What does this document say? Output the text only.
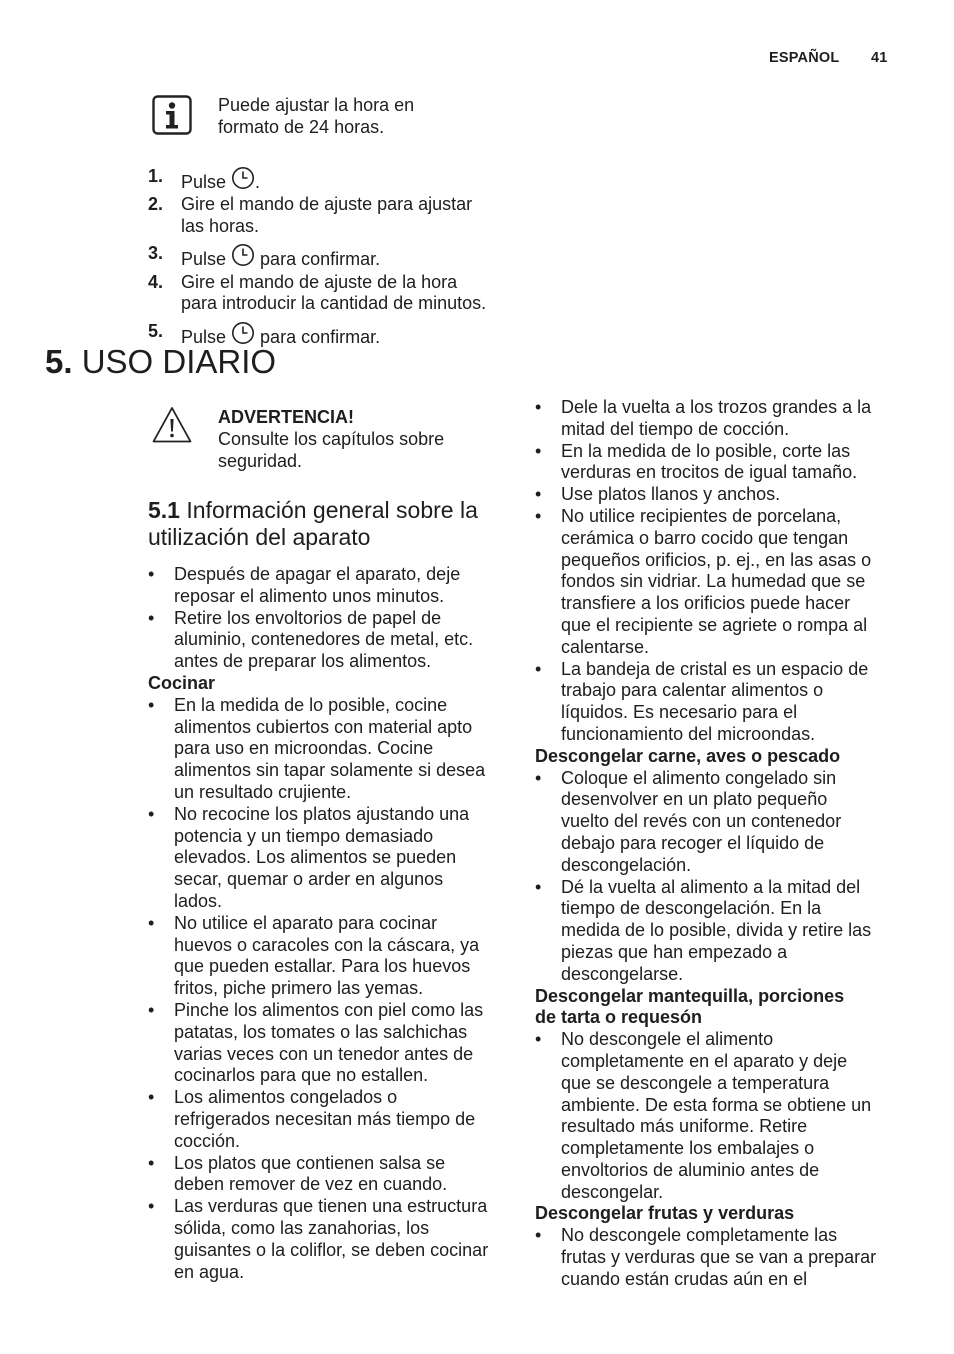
ESPAÑOL 41
Puede ajustar la hora en
formato de 24 horas.
1. Pulse .
2. Gire el mando de ajuste para ajustar
las horas.
3. Pulse  para confirmar.
4. Gire el mando de ajuste de la hora
para introducir la cantidad de minutos.
5. Pulse  para confirmar.
5. USO DIARIO
ADVERTENCIA!
Consulte los capítulos sobre
seguridad.
5.1 Información general sobre la
utilización del aparato
• Después de apagar el aparato, deje
reposar el alimento unos minutos.
• Retire los envoltorios de papel de
aluminio, contenedores de metal, etc.
antes de preparar los alimentos.
Cocinar
• En la medida de lo posible, cocine
alimentos cubiertos con material apto
para uso en microondas. Cocine
alimentos sin tapar solamente si desea
un resultado crujiente.
• No recocine los platos ajustando una
potencia y un tiempo demasiado
elevados. Los alimentos se pueden
secar, quemar o arder en algunos
lados.
• No utilice el aparato para cocinar
huevos o caracoles con la cáscara, ya
que pueden estallar. Para los huevos
fritos, piche primero las yemas.
• Pinche los alimentos con piel como las
patatas, los tomates o las salchichas
varias veces con un tenedor antes de
cocinarlos para que no estallen.
• Los alimentos congelados o
refrigerados necesitan más tiempo de
cocción.
• Los platos que contienen salsa se
deben remover de vez en cuando.
• Las verduras que tienen una estructura
sólida, como las zanahorias, los
guisantes o la coliflor, se deben cocinar
en agua.
• Dele la vuelta a los trozos grandes a la
mitad del tiempo de cocción.
• En la medida de lo posible, corte las
verduras en trocitos de igual tamaño.
• Use platos llanos y anchos.
• No utilice recipientes de porcelana,
cerámica o barro cocido que tengan
pequeños orificios, p. ej., en las asas o
fondos sin vidriar. La humedad que se
transfiere a los orificios puede hacer
que el recipiente se agriete o rompa al
calentarse.
• La bandeja de cristal es un espacio de
trabajo para calentar alimentos o
líquidos. Es necesario para el
funcionamiento del microondas.
Descongelar carne, aves o pescado
• Coloque el alimento congelado sin
desenvolver en un plato pequeño
vuelto del revés con un contenedor
debajo para recoger el líquido de
descongelación.
• Dé la vuelta al alimento a la mitad del
tiempo de descongelación. En la
medida de lo posible, divida y retire las
piezas que han empezado a
descongelarse.
Descongelar mantequilla, porciones
de tarta o requesón
• No descongele el alimento
completamente en el aparato y deje
que se descongele a temperatura
ambiente. De esta forma se obtiene un
resultado más uniforme. Retire
completamente los embalajes o
envoltorios de aluminio antes de
descongelar.
Descongelar frutas y verduras
• No descongele completamente las
frutas y verduras que se van a preparar
cuando están crudas aún en el
